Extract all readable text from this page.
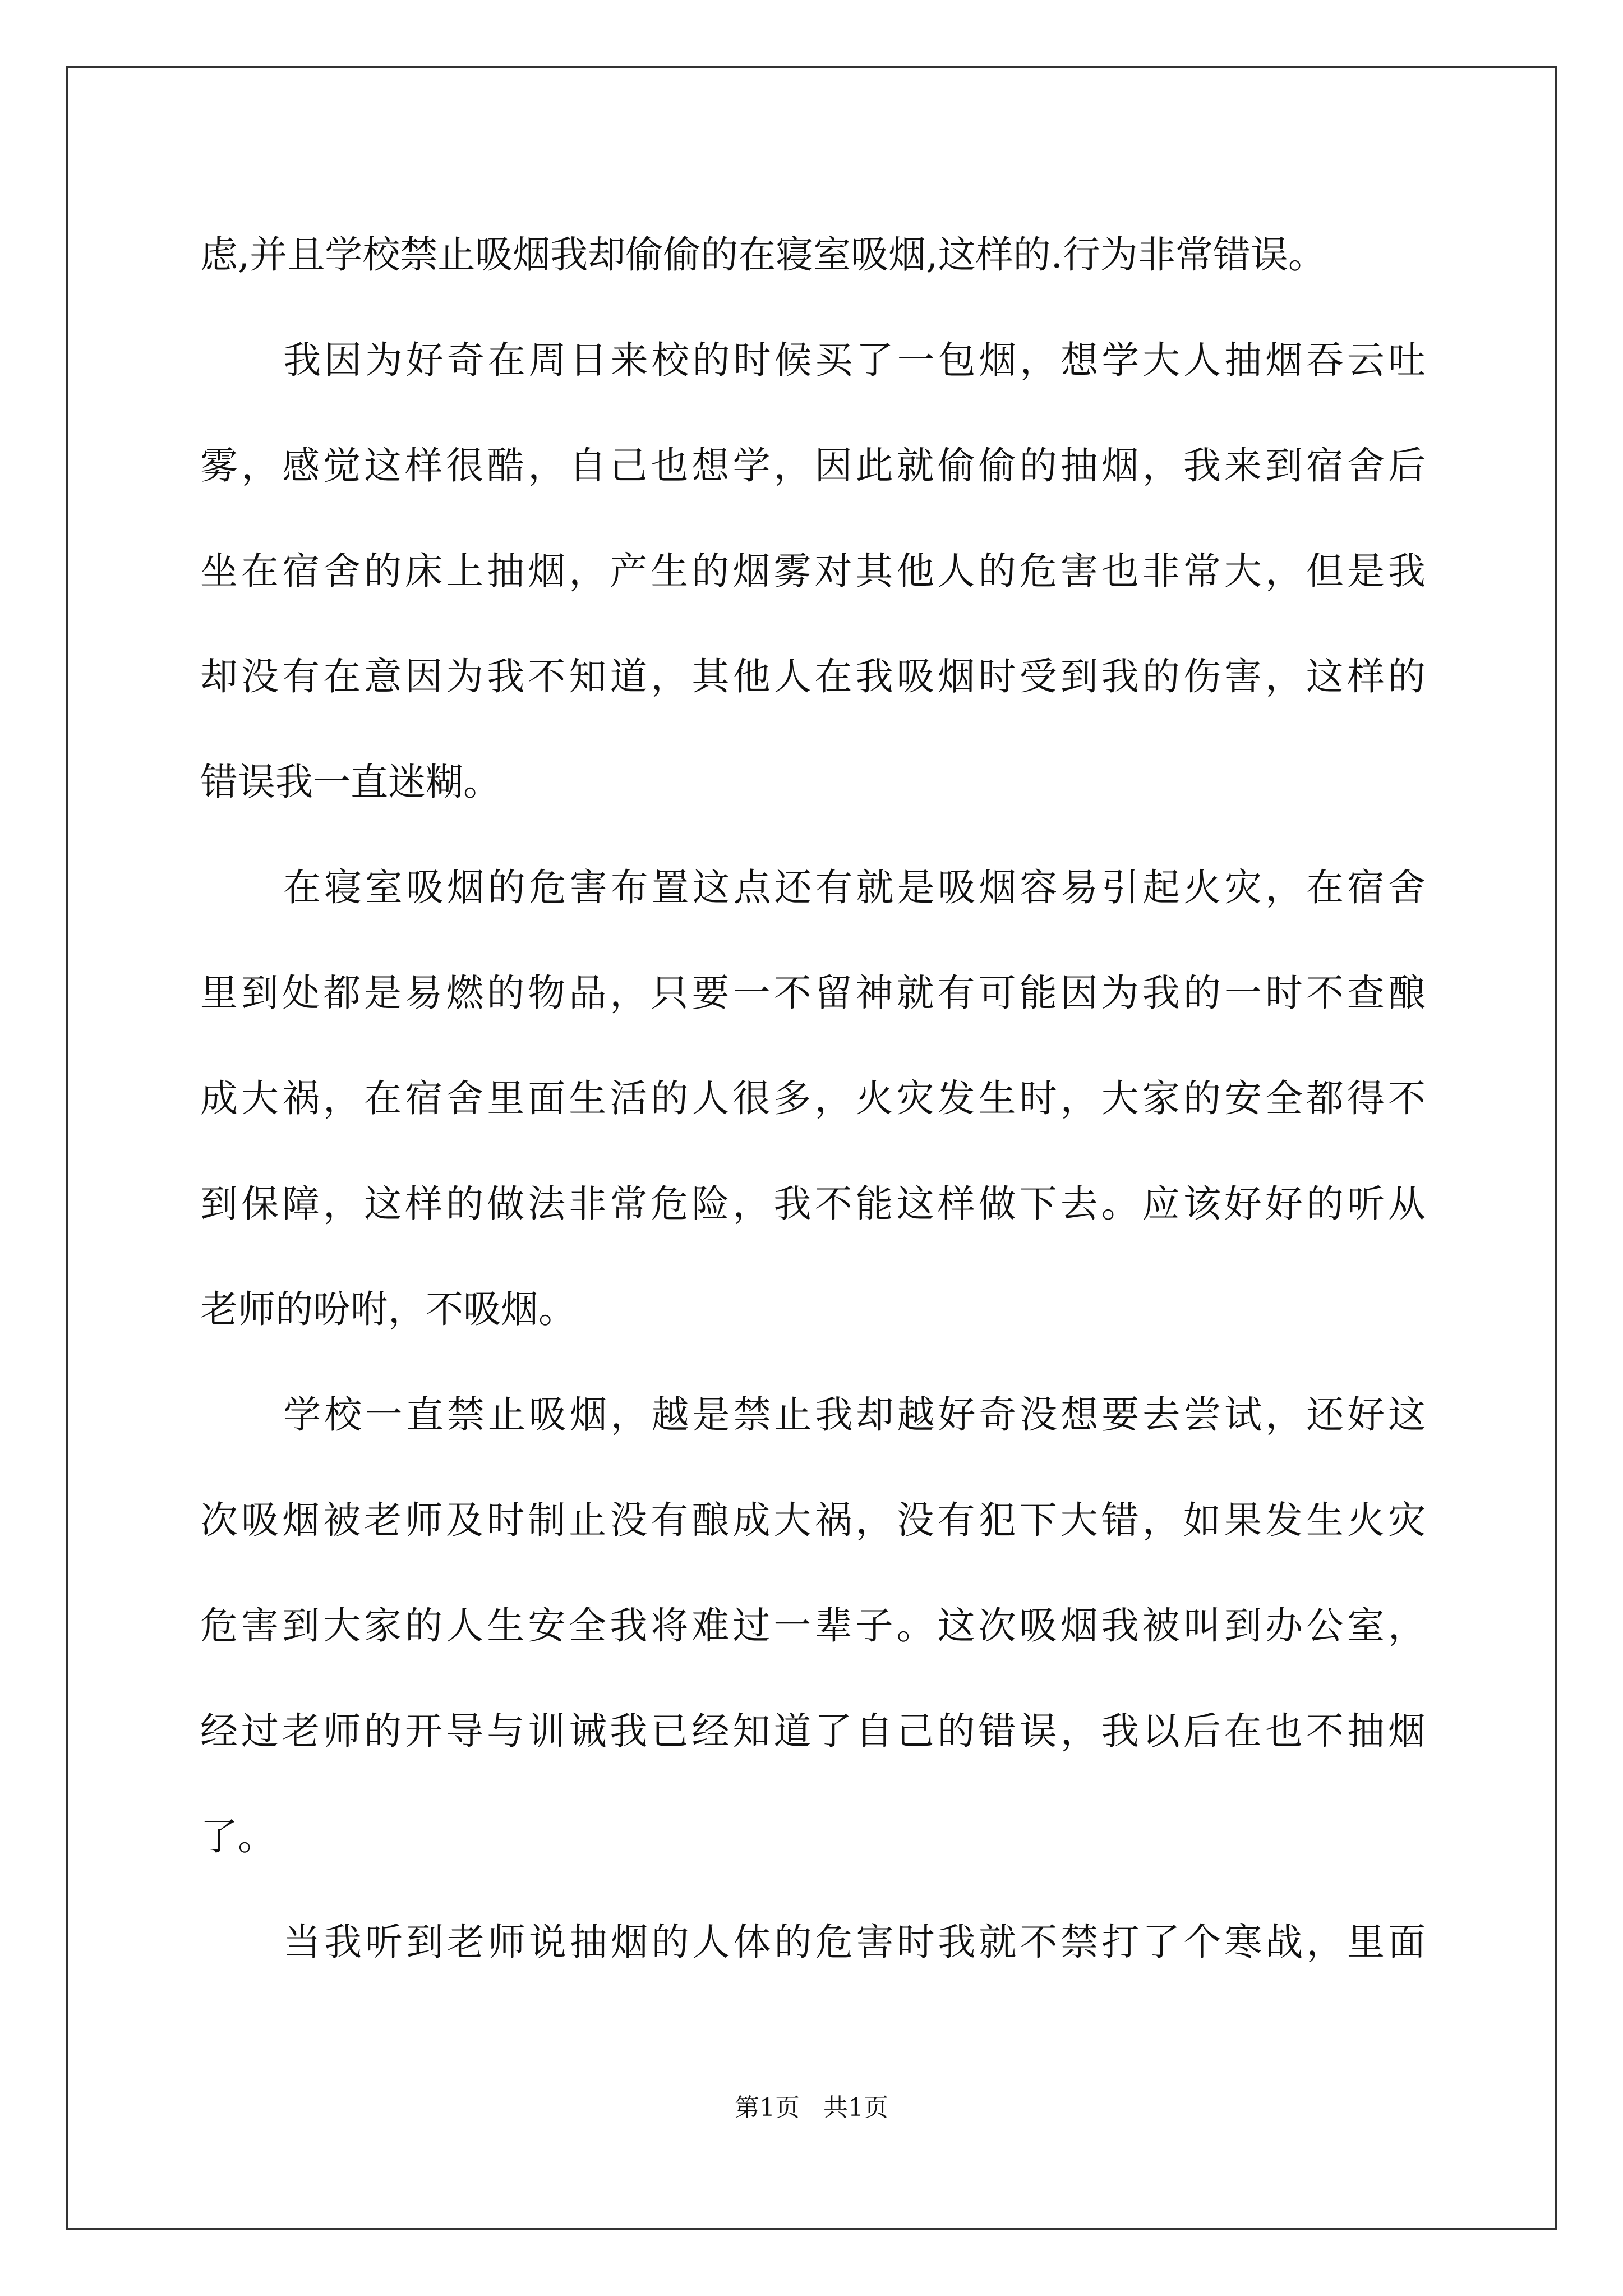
虑,并且学校禁止吸烟我却偷偷的在寝室吸烟,这样的.行为非常错误。
我因为好奇在周日来校的时候买了一包烟，想学大人抽烟吞云吐
雾，感觉这样很酷，自己也想学，因此就偷偷的抽烟，我来到宿舍后
坐在宿舍的床上抽烟，产生的烟雾对其他人的危害也非常大，但是我
却没有在意因为我不知道，其他人在我吸烟时受到我的伤害，这样的
错误我一直迷糊。
在寝室吸烟的危害布置这点还有就是吸烟容易引起火灾，在宿舍
里到处都是易燃的物品，只要一不留神就有可能因为我的一时不查酿
成大祸，在宿舍里面生活的人很多，火灾发生时，大家的安全都得不
到保障，这样的做法非常危险，我不能这样做下去。应该好好的听从
老师的吩咐，不吸烟。
学校一直禁止吸烟，越是禁止我却越好奇没想要去尝试，还好这
次吸烟被老师及时制止没有酿成大祸，没有犯下大错，如果发生火灾
危害到大家的人生安全我将难过一辈子。这次吸烟我被叫到办公室，
经过老师的开导与训诫我已经知道了自己的错误，我以后在也不抽烟
了。
当我听到老师说抽烟的人体的危害时我就不禁打了个寒战，里面
第1页   共1页
